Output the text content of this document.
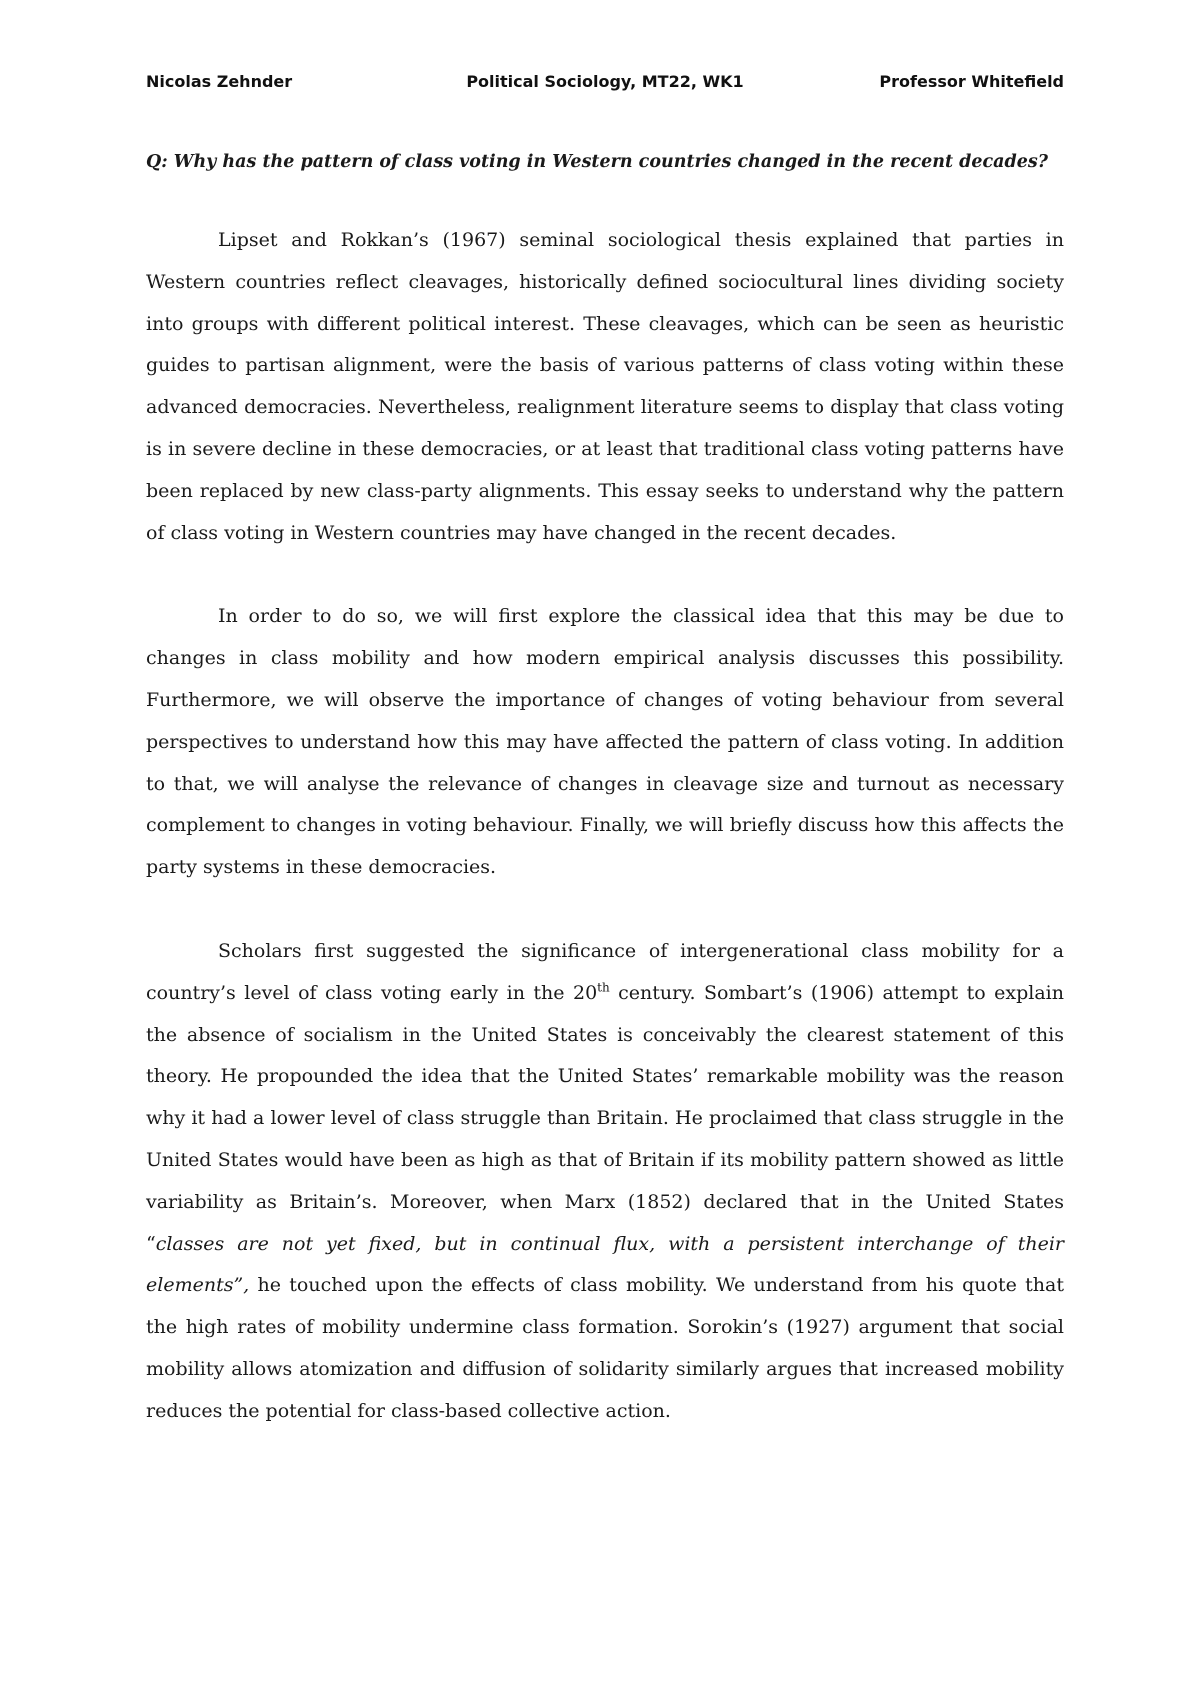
Political Sociology, MT22, WK1
Nicolas Zehnder	Professor Whitefield

Q: Why has the pattern of class voting in Western countries changed in the recent decades?

Lipset and Rokkan’s (1967) seminal sociological thesis explained that parties in Western countries reflect cleavages, historically defined sociocultural lines dividing society into groups with different political interest. These cleavages, which can be seen as heuristic guides to partisan alignment, were the basis of various patterns of class voting within these advanced democracies. Nevertheless, realignment literature seems to display that class voting is in severe decline in these democracies, or at least that traditional class voting patterns have been replaced by new class-party alignments. This essay seeks to understand why the pattern of class voting in Western countries may have changed in the recent decades.

In order to do so, we will first explore the classical idea that this may be due to changes in class mobility and how modern empirical analysis discusses this possibility. Furthermore, we will observe the importance of changes of voting behaviour from several perspectives to understand how this may have affected the pattern of class voting. In addition to that, we will analyse the relevance of changes in cleavage size and turnout as necessary complement to changes in voting behaviour. Finally, we will briefly discuss how this affects the party systems in these democracies.

Scholars first suggested the significance of intergenerational class mobility for a country’s level of class voting early in the 20th century. Sombart’s (1906) attempt to explain the absence of socialism in the United States is conceivably the clearest statement of this theory. He propounded the idea that the United States’ remarkable mobility was the reason why it had a lower level of class struggle than Britain. He proclaimed that class struggle in the United States would have been as high as that of Britain if its mobility pattern showed as little variability as Britain’s. Moreover, when Marx (1852) declared that in the United States “classes are not yet fixed, but in continual flux, with a persistent interchange of their elements”, he touched upon the effects of class mobility. We understand from his quote that the high rates of mobility undermine class formation. Sorokin’s (1927) argument that social mobility allows atomization and diffusion of solidarity similarly argues that increased mobility reduces the potential for class-based collective action.
